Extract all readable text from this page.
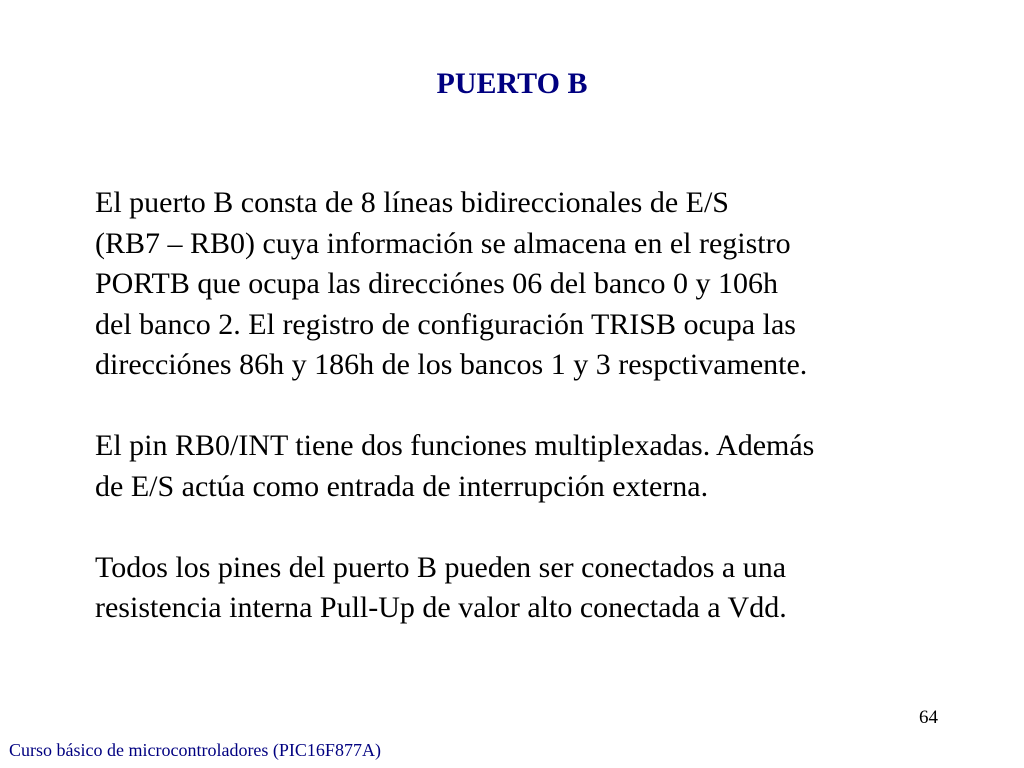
PUERTO B
El puerto B consta de 8 líneas bidireccionales de E/S
(RB7 – RB0) cuya información se almacena en el registro
PORTB que ocupa las direcciónes 06 del banco 0 y 106h
del banco 2. El registro de configuración TRISB ocupa las
direcciónes 86h y 186h de los bancos 1 y 3 respctivamente.
El pin RB0/INT tiene dos funciones multiplexadas. Además
de E/S actúa como entrada de interrupción externa.
Todos los pines del puerto B pueden ser conectados a una
resistencia interna Pull-Up de valor alto conectada a Vdd.
64
Curso básico de microcontroladores (PIC16F877A)
